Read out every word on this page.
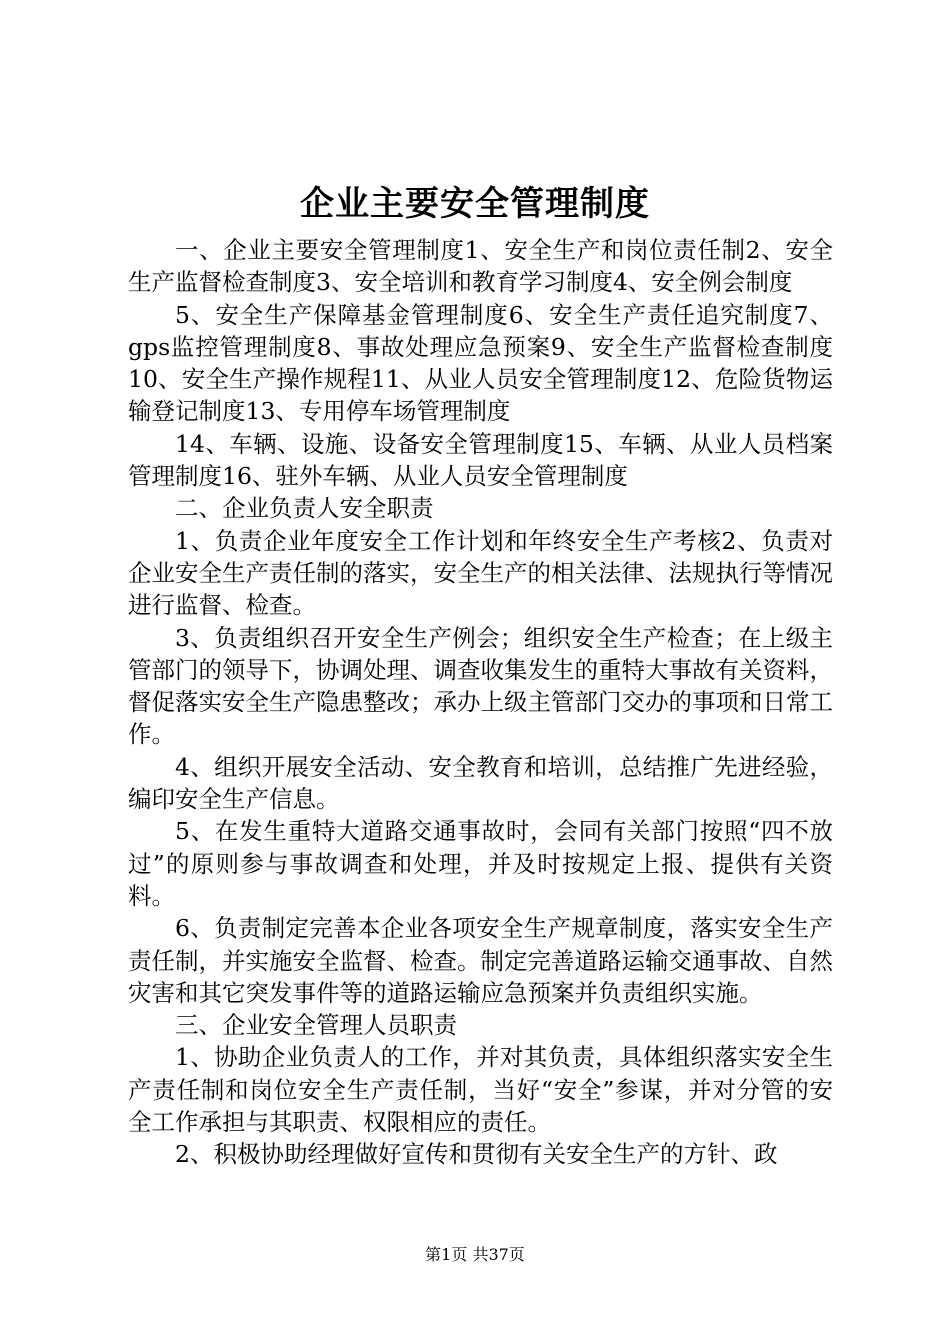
企业主要安全管理制度

一、企业主要安全管理制度1、安全生产和岗位责任制2、安全生产监督检查制度3、安全培训和教育学习制度4、安全例会制度

5、安全生产保障基金管理制度6、安全生产责任追究制度7、gps监控管理制度8、事故处理应急预案9、安全生产监督检查制度10、安全生产操作规程11、从业人员安全管理制度12、危险货物运输登记制度13、专用停车场管理制度

14、车辆、设施、设备安全管理制度15、车辆、从业人员档案管理制度16、驻外车辆、从业人员安全管理制度

二、企业负责人安全职责

1、负责企业年度安全工作计划和年终安全生产考核2、负责对企业安全生产责任制的落实，安全生产的相关法律、法规执行等情况进行监督、检查。

3、负责组织召开安全生产例会；组织安全生产检查；在上级主管部门的领导下，协调处理、调查收集发生的重特大事故有关资料，督促落实安全生产隐患整改；承办上级主管部门交办的事项和日常工作。

4、组织开展安全活动、安全教育和培训，总结推广先进经验，编印安全生产信息。

5、在发生重特大道路交通事故时，会同有关部门按照“四不放过”的原则参与事故调查和处理，并及时按规定上报、提供有关资料。

6、负责制定完善本企业各项安全生产规章制度，落实安全生产责任制，并实施安全监督、检查。制定完善道路运输交通事故、自然灾害和其它突发事件等的道路运输应急预案并负责组织实施。

三、企业安全管理人员职责

1、协助企业负责人的工作，并对其负责，具体组织落实安全生产责任制和岗位安全生产责任制，当好“安全”参谋，并对分管的安全工作承担与其职责、权限相应的责任。

2、积极协助经理做好宣传和贯彻有关安全生产的方针、政

第1页 共37页
